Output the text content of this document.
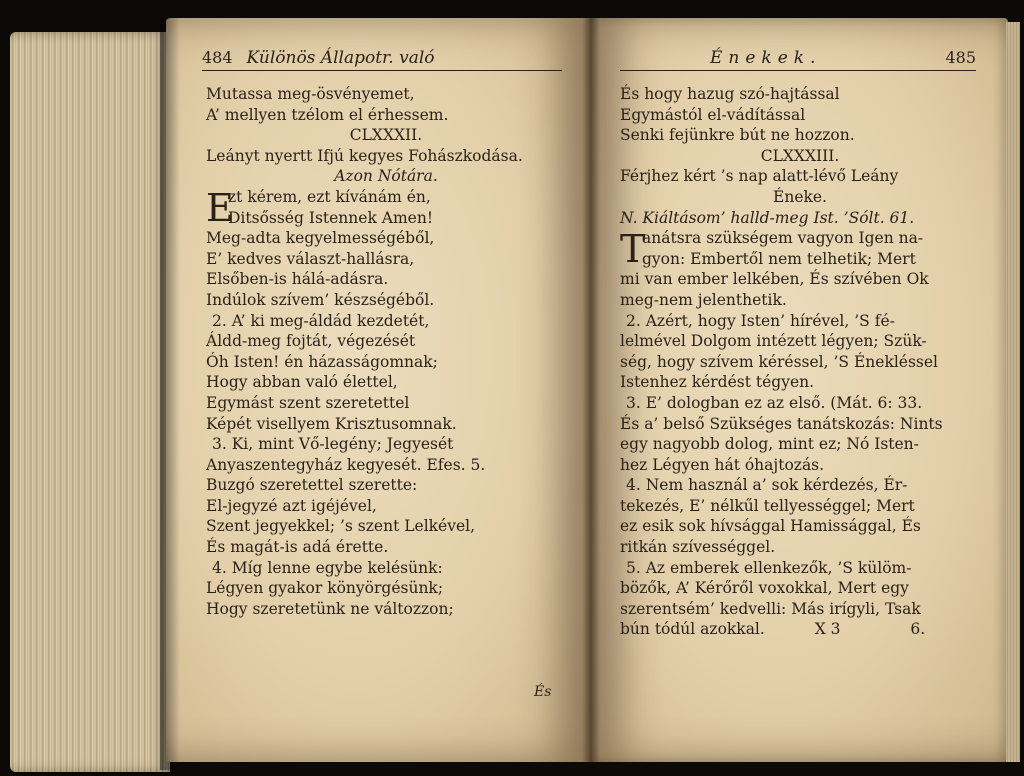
484 Különös Állapotr. való
Mutassa meg-ösvényemet,
A’ mellyen tzélom el érhessem.
CLXXXII.
Leányt nyertt Ifjú kegyes Fohászkodása.
Azon Nótára.
E
zt kérem, ezt kívánám én,
Ditsősség Istennek Amen!
Meg-adta kegyelmességéből,
E’ kedves választ-hallásra,
Elsőben-is hálá-adásra.
Indúlok szívem’ készségéből.
2. A’ ki meg-áldád kezdetét,
Áldd-meg fojtát, végezését
Óh Isten! én házasságomnak;
Hogy abban való élettel,
Egymást szent szeretettel
Képét visellyem Krisztusomnak.
3. Ki, mint Vő-legény; Jegyesét
Anyaszentegyház kegyesét. Efes. 5.
Buzgó szeretettel szerette:
El-jegyzé azt igéjével,
Szent jegyekkel; ’s szent Lelkével,
És magát-is adá érette.
4. Míg lenne egybe kelésünk:
Légyen gyakor könyörgésünk;
Hogy szeretetünk ne változzon;
És
Énekek.	485
És hogy hazug szó-hajtással
Egymástól el-vádítással
Senki fejünkre bút ne hozzon.
CLXXXIII.
Férjhez kért ’s nap alatt-lévő Leány
Éneke.
N. Kiáltásom’ halld-meg Ist. ’Sólt. 61.
T
anátsra szükségem vagyon Igen na-
gyon: Embertől nem telhetik; Mert
mi van ember lelkében, És szívében Ok
meg-nem jelenthetik.
2. Azért, hogy Isten’ hírével, ’S fé-
lelmével Dolgom intézett légyen; Szük-
ség, hogy szívem kéréssel, ’S Énekléssel
Istenhez kérdést tégyen.
3. E’ dologban ez az első. (Mát. 6: 33.
És a’ belső Szükséges tanátskozás: Nints
egy nagyobb dolog, mint ez; Nó Isten-
hez Légyen hát óhajtozás.
4. Nem használ a’ sok kérdezés, Ér-
tekezés, E’ nélkűl tellyességgel; Mert
ez esik sok hívsággal Hamissággal, És
ritkán szívességgel.
5. Az emberek ellenkezők, ’S külöm-
bözők, A’ Kérőről voxokkal, Mert egy
szerentsém’ kedvelli: Más irígyli, Tsak
bún tódúl azokkal.	X 3	6.
